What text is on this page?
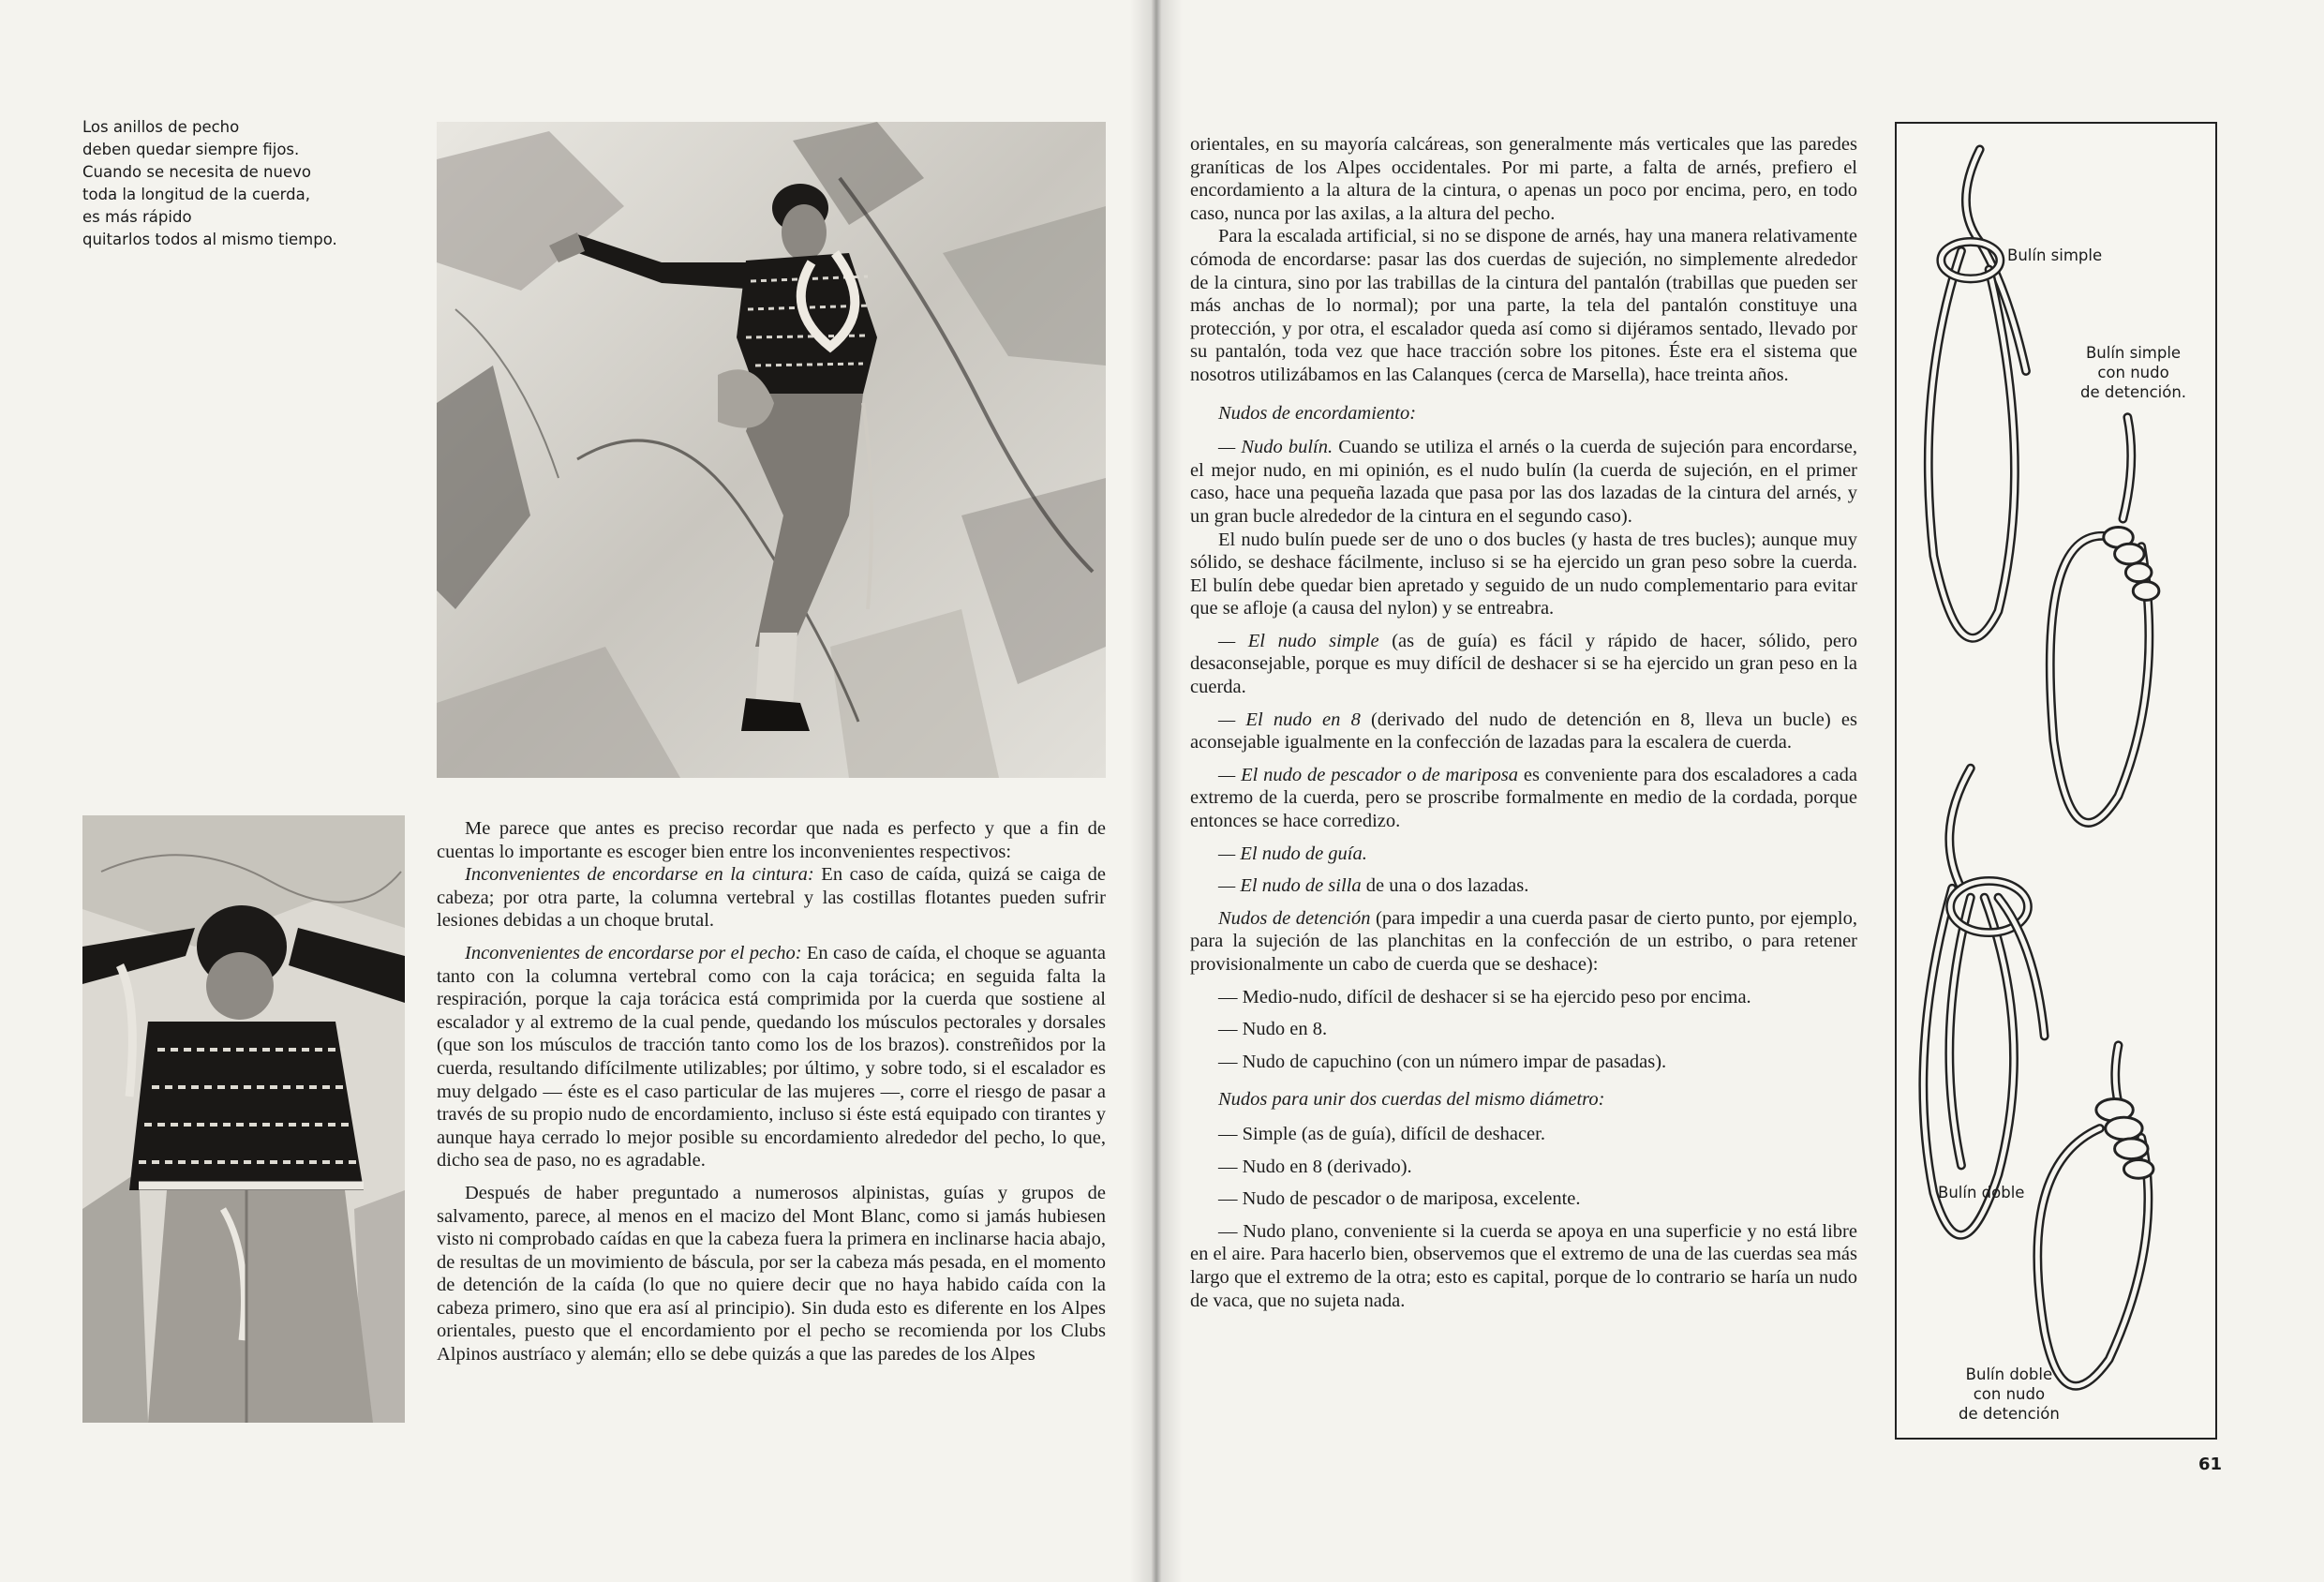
Los anillos de pecho
deben quedar siempre fijos.
Cuando se necesita de nuevo
toda la longitud de la cuerda,
es más rápido
quitarlos todos al mismo tiempo.

Me parece que antes es preciso recordar que nada es perfecto y que a fin de cuentas lo importante es escoger bien entre los inconvenientes respectivos:

Inconvenientes de encordarse en la cintura: En caso de caída, quizá se caiga de cabeza; por otra parte, la columna vertebral y las costillas flotantes pueden sufrir lesiones debidas a un choque brutal.

Inconvenientes de encordarse por el pecho: En caso de caída, el choque se aguanta tanto con la columna vertebral como con la caja torácica; en seguida falta la respiración, porque la caja torácica está comprimida por la cuerda que sostiene al escalador y al extremo de la cual pende, quedando los músculos pectorales y dorsales (que son los músculos de tracción tanto como los de los brazos). constreñidos por la cuerda, resultando difícilmente utilizables; por último, y sobre todo, si el escalador es muy delgado — éste es el caso particular de las mujeres —, corre el riesgo de pasar a través de su propio nudo de encordamiento, incluso si éste está equipado con tirantes y aunque haya cerrado lo mejor posible su encordamiento alrededor del pecho, lo que, dicho sea de paso, no es agradable.

Después de haber preguntado a numerosos alpinistas, guías y grupos de salvamento, parece, al menos en el macizo del Mont Blanc, como si jamás hubiesen visto ni comprobado caídas en que la cabeza fuera la primera en inclinarse hacia abajo, de resultas de un movimiento de báscula, por ser la cabeza más pesada, en el momento de detención de la caída (lo que no quiere decir que no haya habido caída con la cabeza primero, sino que era así al principio). Sin duda esto es diferente en los Alpes orientales, puesto que el encordamiento por el pecho se recomienda por los Clubs Alpinos austríaco y alemán; ello se debe quizás a que las paredes de los Alpes

orientales, en su mayoría calcáreas, son generalmente más verticales que las paredes graníticas de los Alpes occidentales. Por mi parte, a falta de arnés, prefiero el encordamiento a la altura de la cintura, o apenas un poco por encima, pero, en todo caso, nunca por las axilas, a la altura del pecho.

Para la escalada artificial, si no se dispone de arnés, hay una manera relativamente cómoda de encordarse: pasar las dos cuerdas de sujeción, no simplemente alrededor de la cintura, sino por las trabillas de la cintura del pantalón (trabillas que pueden ser más anchas de lo normal); por una parte, la tela del pantalón constituye una protección, y por otra, el escalador queda así como si dijéramos sentado, llevado por su pantalón, toda vez que hace tracción sobre los pitones. Éste era el sistema que nosotros utilizábamos en las Calanques (cerca de Marsella), hace treinta años.

Nudos de encordamiento:

— Nudo bulín. Cuando se utiliza el arnés o la cuerda de sujeción para encordarse, el mejor nudo, en mi opinión, es el nudo bulín (la cuerda de sujeción, en el primer caso, hace una pequeña lazada que pasa por las dos lazadas de la cintura del arnés, y un gran bucle alrededor de la cintura en el segundo caso).

El nudo bulín puede ser de uno o dos bucles (y hasta de tres bucles); aunque muy sólido, se deshace fácilmente, incluso si se ha ejercido un gran peso sobre la cuerda. El bulín debe quedar bien apretado y seguido de un nudo complementario para evitar que se afloje (a causa del nylon) y se entreabra.

— El nudo simple (as de guía) es fácil y rápido de hacer, sólido, pero desaconsejable, porque es muy difícil de deshacer si se ha ejercido un gran peso en la cuerda.

— El nudo en 8 (derivado del nudo de detención en 8, lleva un bucle) es aconsejable igualmente en la confección de lazadas para la escalera de cuerda.

— El nudo de pescador o de mariposa es conveniente para dos escaladores a cada extremo de la cuerda, pero se proscribe formalmente en medio de la cordada, porque entonces se hace corredizo.

— El nudo de guía.

— El nudo de silla de una o dos lazadas.

Nudos de detención (para impedir a una cuerda pasar de cierto punto, por ejemplo, para la sujeción de las planchitas en la confección de un estribo, o para retener provisionalmente un cabo de cuerda que se deshace):

— Medio-nudo, difícil de deshacer si se ha ejercido peso por encima.

— Nudo en 8.

— Nudo de capuchino (con un número impar de pasadas).

Nudos para unir dos cuerdas del mismo diámetro:

— Simple (as de guía), difícil de deshacer.

— Nudo en 8 (derivado).

— Nudo de pescador o de mariposa, excelente.

— Nudo plano, conveniente si la cuerda se apoya en una superficie y no está libre en el aire. Para hacerlo bien, observemos que el extremo de una de las cuerdas sea más largo que el extremo de la otra; esto es capital, porque de lo contrario se haría un nudo de vaca, que no sujeta nada.

Bulín simple
Bulín simple
con nudo
de detención.
Bulín doble
Bulín doble
con nudo
de detención
61
